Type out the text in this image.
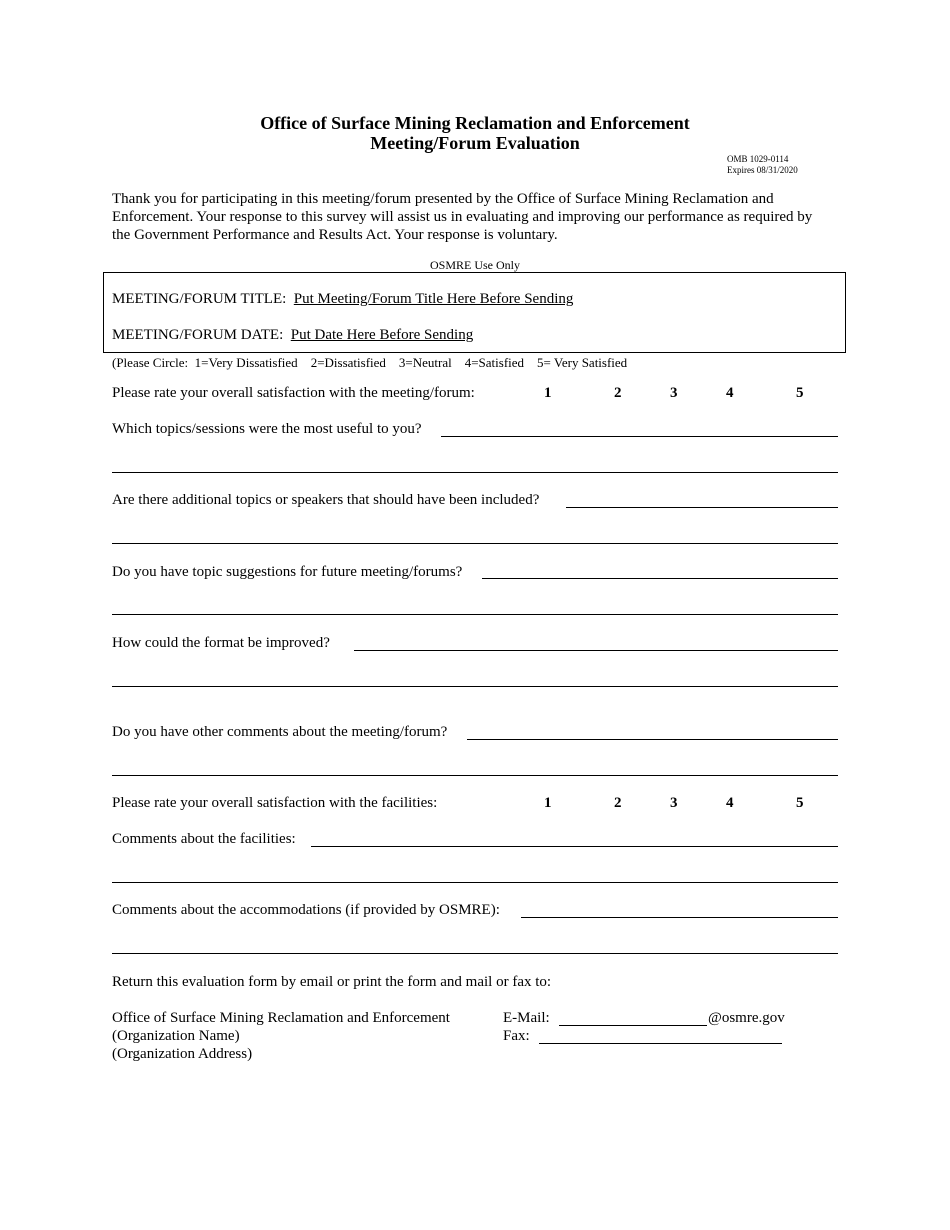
Office of Surface Mining Reclamation and Enforcement
Meeting/Forum Evaluation
OMB 1029-0114
Expires 08/31/2020
Thank you for participating in this meeting/forum presented by the Office of Surface Mining Reclamation and Enforcement. Your response to this survey will assist us in evaluating and improving our performance as required by the Government Performance and Results Act. Your response is voluntary.
OSMRE Use Only
MEETING/FORUM TITLE: Put Meeting/Forum Title Here Before Sending
MEETING/FORUM DATE: Put Date Here Before Sending
(Please Circle: 1=Very Dissatisfied 2=Dissatisfied 3=Neutral 4=Satisfied 5= Very Satisfied
Please rate your overall satisfaction with the meeting/forum:	1	2	3	4	5
Which topics/sessions were the most useful to you?
Are there additional topics or speakers that should have been included?
Do you have topic suggestions for future meeting/forums?
How could the format be improved?
Do you have other comments about the meeting/forum?
Please rate your overall satisfaction with the facilities:	1	2	3	4	5
Comments about the facilities:
Comments about the accommodations (if provided by OSMRE):
Return this evaluation form by email or print the form and mail or fax to:
Office of Surface Mining Reclamation and Enforcement
(Organization Name)
(Organization Address)
E-Mail:	@osmre.gov
Fax:
